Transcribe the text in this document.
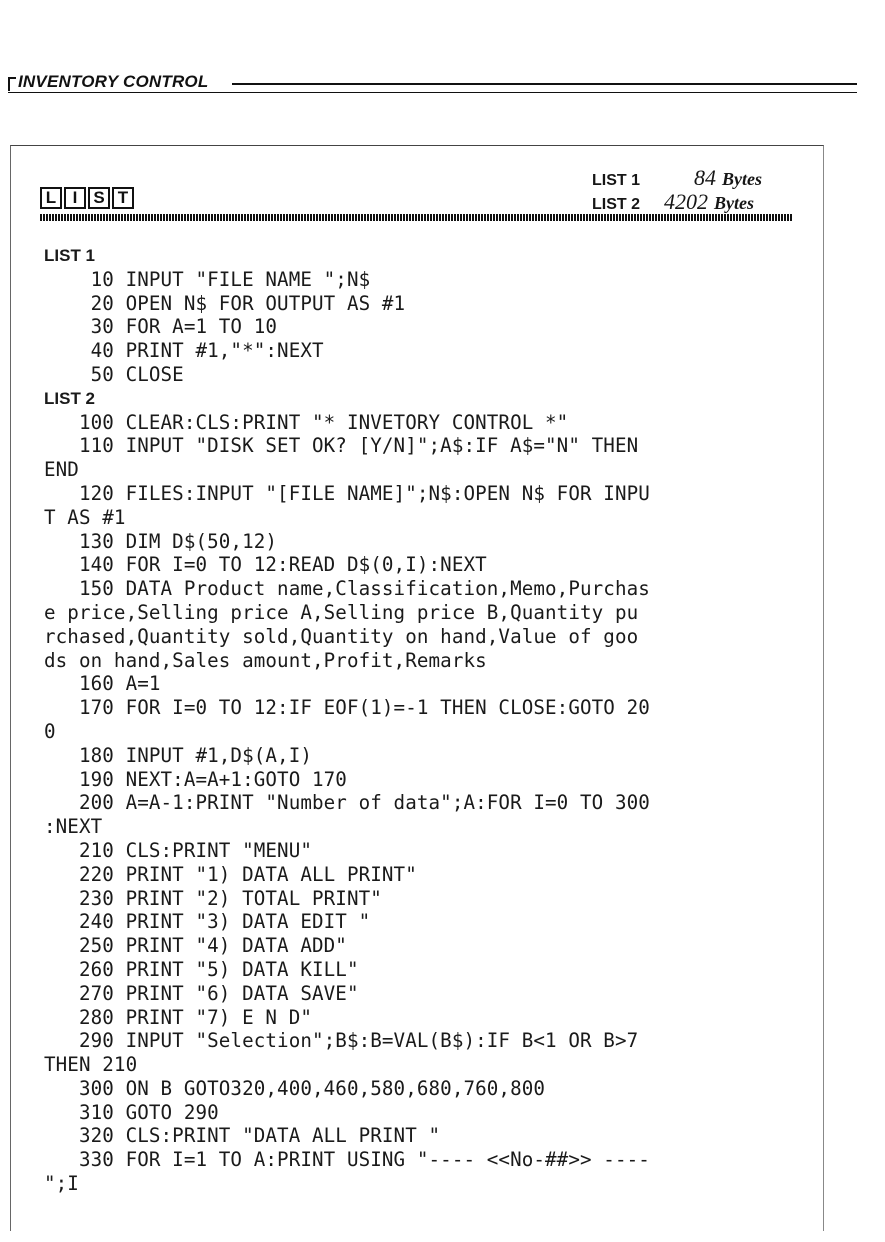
INVENTORY CONTROL
L I S T
LIST 1	84 Bytes
LIST 2	4202 Bytes
LIST 1
10 INPUT "FILE NAME ";N$
20 OPEN N$ FOR OUTPUT AS #1
30 FOR A=1 TO 10
40 PRINT #1,"*":NEXT
50 CLOSE
LIST 2
100 CLEAR:CLS:PRINT "* INVETORY CONTROL *"
110 INPUT "DISK SET OK? [Y/N]";A$:IF A$="N" THEN
END
120 FILES:INPUT "[FILE NAME]";N$:OPEN N$ FOR INPU
T AS #1
130 DIM D$(50,12)
140 FOR I=0 TO 12:READ D$(0,I):NEXT
150 DATA Product name,Classification,Memo,Purchas
e price,Selling price A,Selling price B,Quantity pu
rchased,Quantity sold,Quantity on hand,Value of goo
ds on hand,Sales amount,Profit,Remarks
160 A=1
170 FOR I=0 TO 12:IF EOF(1)=-1 THEN CLOSE:GOTO 20
0
180 INPUT #1,D$(A,I)
190 NEXT:A=A+1:GOTO 170
200 A=A-1:PRINT "Number of data";A:FOR I=0 TO 300
:NEXT
210 CLS:PRINT "MENU"
220 PRINT "1) DATA ALL PRINT"
230 PRINT "2) TOTAL PRINT"
240 PRINT "3) DATA EDIT "
250 PRINT "4) DATA ADD"
260 PRINT "5) DATA KILL"
270 PRINT "6) DATA SAVE"
280 PRINT "7) E N D"
290 INPUT "Selection";B$:B=VAL(B$):IF B<1 OR B>7
THEN 210
300 ON B GOTO320,400,460,580,680,760,800
310 GOTO 290
320 CLS:PRINT "DATA ALL PRINT "
330 FOR I=1 TO A:PRINT USING "---- <<No-##>> ----
";I
